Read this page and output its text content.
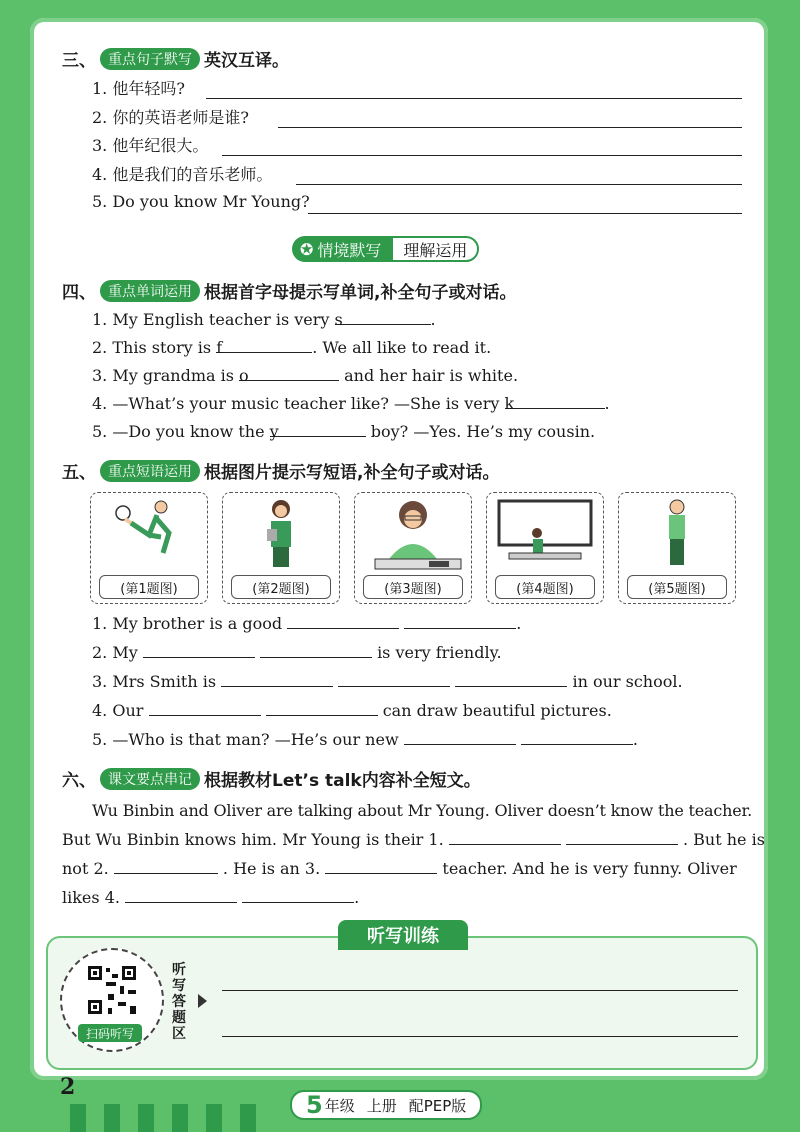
三、 重点句子默写 英汉互译。
1. 他年轻吗?
2. 你的英语老师是谁?
3. 他年纪很大。
4. 他是我们的音乐老师。
5. Do you know Mr Young?
✪ 情境默写	理解运用
四、 重点单词运用 根据首字母提示写单词,补全句子或对话。
1. My English teacher is very s	.
2. This story is f	. We all like to read it.
3. My grandma is o	and her hair is white.
4. —What’s your music teacher like? —She is very k	.
5. —Do you know the y	boy? —Yes. He’s my cousin.
五、 重点短语运用 根据图片提示写短语,补全句子或对话。
(第1题图)	(第2题图)	(第3题图)	(第4题图)	(第5题图)
1. My brother is a good	.
2. My	is very friendly.
3. Mrs Smith is	in our school.
4. Our	can draw beautiful pictures.
5. —Who is that man? —He’s our new	.
六、 课文要点串记 根据教材Let’s talk内容补全短文。
Wu Binbin and Oliver are talking about Mr Young. Oliver doesn’t know the teacher.
But Wu Binbin knows him. Mr Young is their 1.	. But he is
not 2.	. He is an 3.	teacher. And he is very funny. Oliver
likes 4.	.
听写训练
扫码听写
听写答题区
2
5 年级 上册 配PEP版
